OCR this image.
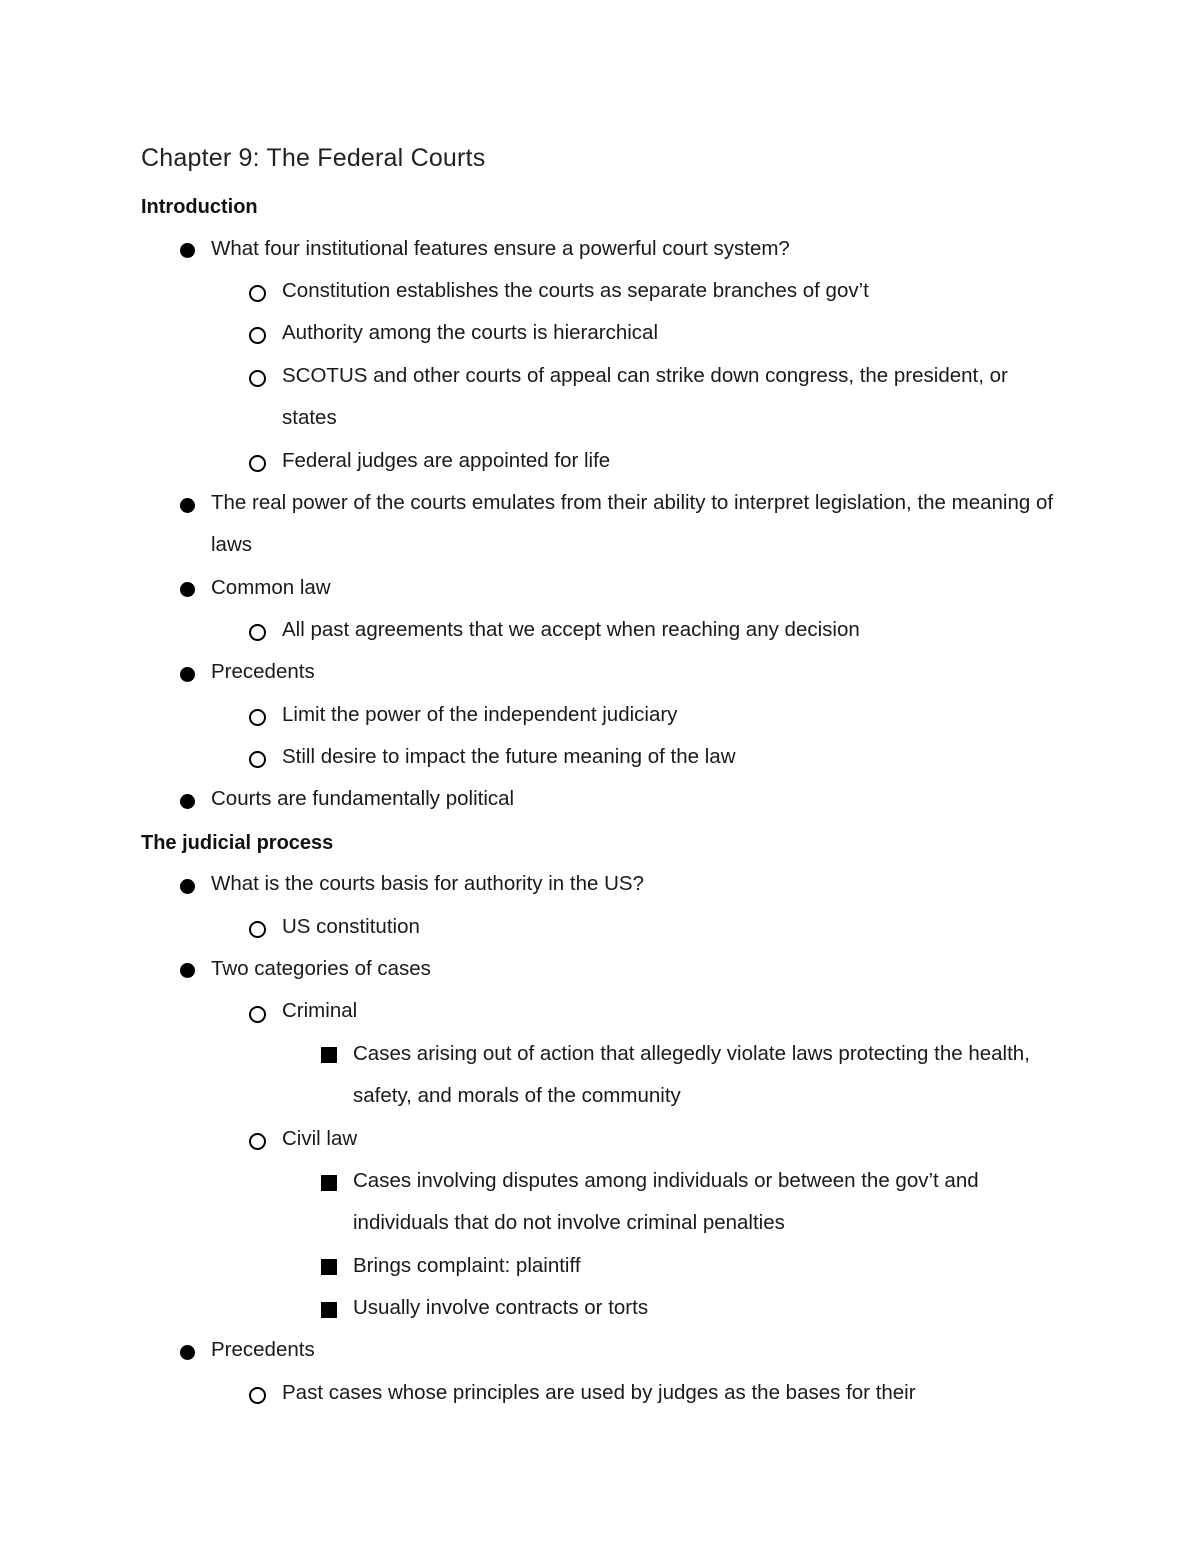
Chapter 9: The Federal Courts
Introduction
What four institutional features ensure a powerful court system?
Constitution establishes the courts as separate branches of gov’t
Authority among the courts is hierarchical
SCOTUS and other courts of appeal can strike down congress, the president, or states
Federal judges are appointed for life
The real power of the courts emulates from their ability to interpret legislation, the meaning of laws
Common law
All past agreements that we accept when reaching any decision
Precedents
Limit the power of the independent judiciary
Still desire to impact the future meaning of the law
Courts are fundamentally political
The judicial process
What is the courts basis for authority in the US?
US constitution
Two categories of cases
Criminal
Cases arising out of action that allegedly violate laws protecting the health, safety, and morals of the community
Civil law
Cases involving disputes among individuals or between the gov’t and individuals that do not involve criminal penalties
Brings complaint: plaintiff
Usually involve contracts or torts
Precedents
Past cases whose principles are used by judges as the bases for their
